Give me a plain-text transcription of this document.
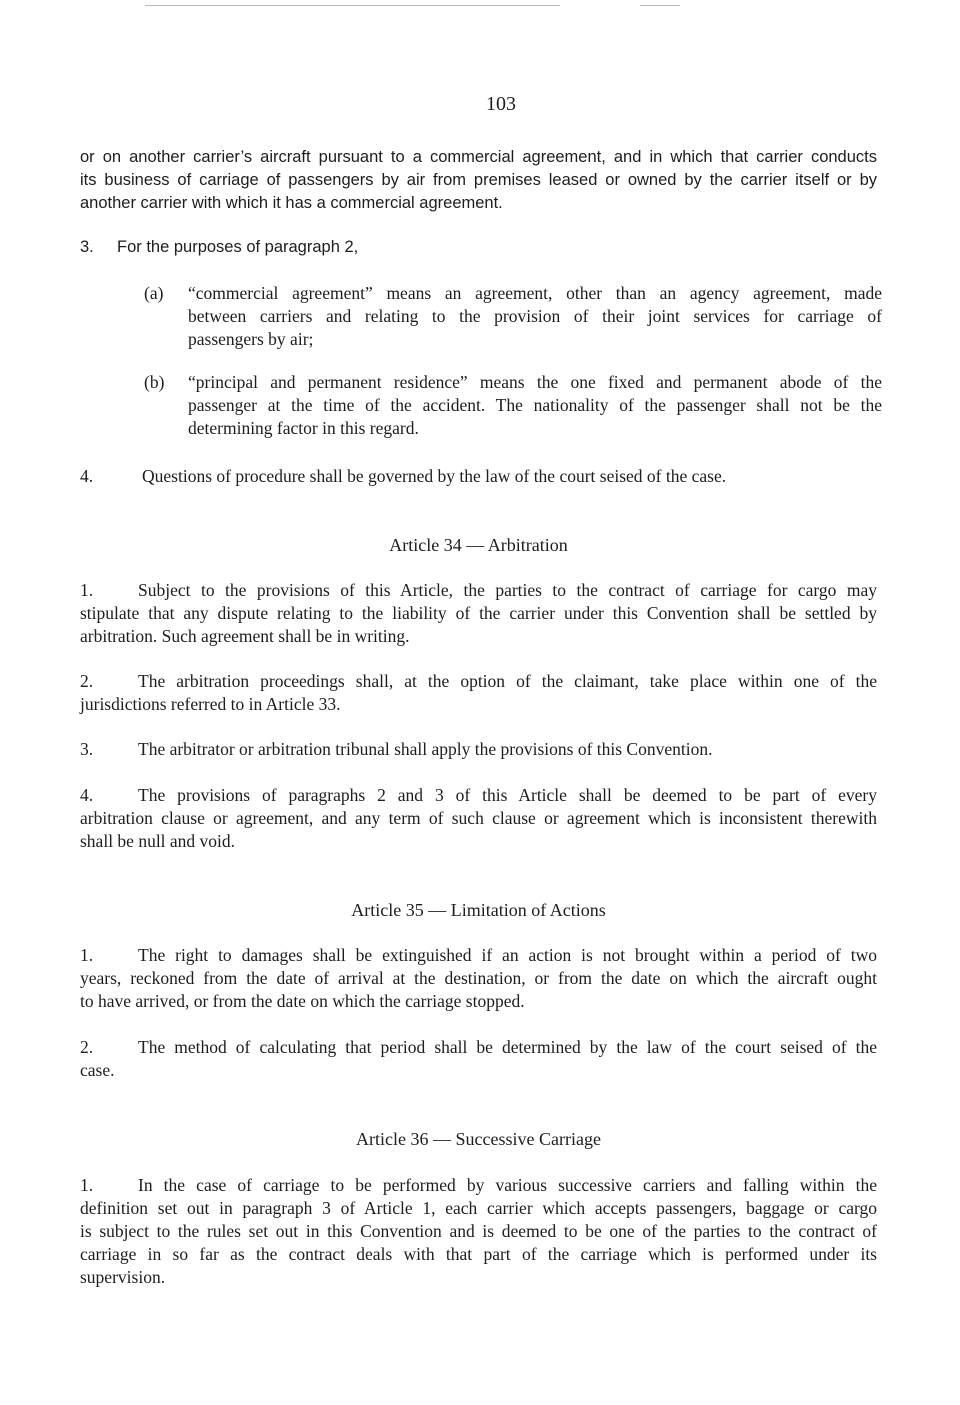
103
or on another carrier’s aircraft pursuant to a commercial agreement, and in which that carrier conducts
its business of carriage of passengers by air from premises leased or owned by the carrier itself or by
another carrier with which it has a commercial agreement.
3. For the purposes of paragraph 2,
(a) “commercial agreement” means an agreement, other than an agency agreement, made
between carriers and relating to the provision of their joint services for carriage of
passengers by air;
(b) “principal and permanent residence” means the one fixed and permanent abode of the
passenger at the time of the accident. The nationality of the passenger shall not be the
determining factor in this regard.
4.	Questions of procedure shall be governed by the law of the court seised of the case.
Article 34 — Arbitration
1.	Subject to the provisions of this Article, the parties to the contract of carriage for cargo may
stipulate that any dispute relating to the liability of the carrier under this Convention shall be settled by
arbitration. Such agreement shall be in writing.
2.	The arbitration proceedings shall, at the option of the claimant, take place within one of the
jurisdictions referred to in Article 33.
3.	The arbitrator or arbitration tribunal shall apply the provisions of this Convention.
4.	The provisions of paragraphs 2 and 3 of this Article shall be deemed to be part of every
arbitration clause or agreement, and any term of such clause or agreement which is inconsistent therewith
shall be null and void.
Article 35 — Limitation of Actions
1.	The right to damages shall be extinguished if an action is not brought within a period of two
years, reckoned from the date of arrival at the destination, or from the date on which the aircraft ought
to have arrived, or from the date on which the carriage stopped.
2.	The method of calculating that period shall be determined by the law of the court seised of the
case.
Article 36 — Successive Carriage
1.	In the case of carriage to be performed by various successive carriers and falling within the
definition set out in paragraph 3 of Article 1, each carrier which accepts passengers, baggage or cargo
is subject to the rules set out in this Convention and is deemed to be one of the parties to the contract of
carriage in so far as the contract deals with that part of the carriage which is performed under its
supervision.
